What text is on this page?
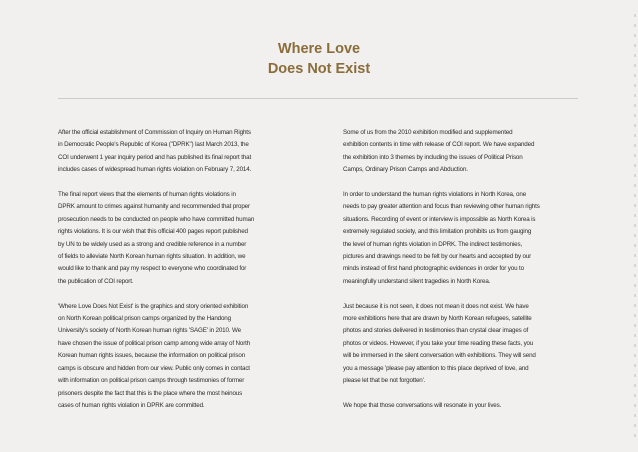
Where Love
Does Not Exist

After the official establishment of Commission of Inquiry on Human Rights
in Democratic People's Republic of Korea ("DPRK") last March 2013, the
COI underwent 1 year inquiry period and has published its final report that
includes cases of widespread human rights violation on February 7, 2014.

The final report views that the elements of human rights violations in
DPRK amount to crimes against humanity and recommended that proper
prosecution needs to be conducted on people who have committed human
rights violations. It is our wish that this official 400 pages report published
by UN to be widely used as a strong and credible reference in a number
of fields to alleviate North Korean human rights situation. In addition, we
would like to thank and pay my respect to everyone who coordinated for
the publication of COI report.

'Where Love Does Not Exist' is the graphics and story oriented exhibition
on North Korean political prison camps organized by the Handong
University's society of North Korean human rights 'SAGE' in 2010. We
have chosen the issue of political prison camp among wide array of North
Korean human rights issues, because the information on political prison
camps is obscure and hidden from our view. Public only comes in contact
with information on political prison camps through testimonies of former
prisoners despite the fact that this is the place where the most heinous
cases of human rights violation in DPRK are committed.

Some of us from the 2010 exhibition modified and supplemented
exhibition contents in time with release of COI report. We have expanded
the exhibition into 3 themes by including the issues of Political Prison
Camps, Ordinary Prison Camps and Abduction.

In order to understand the human rights violations in North Korea, one
needs to pay greater attention and focus than reviewing other human rights
situations. Recording of event or interview is impossible as North Korea is
extremely regulated society, and this limitation prohibits us from gauging
the level of human rights violation in DPRK. The indirect testimonies,
pictures and drawings need to be felt by our hearts and accepted by our
minds instead of first hand photographic evidences in order for you to
meaningfully understand silent tragedies in North Korea.

Just because it is not seen, it does not mean it does not exist. We have
more exhibitions here that are drawn by North Korean refugees, satellite
photos and stories delivered in testimonies than crystal clear images of
photos or videos. However, if you take your time reading these facts, you
will be immersed in the silent conversation with exhibitions. They will send
you a message 'please pay attention to this place deprived of love, and
please let that be not forgotten'.

We hope that those conversations will resonate in your lives.
